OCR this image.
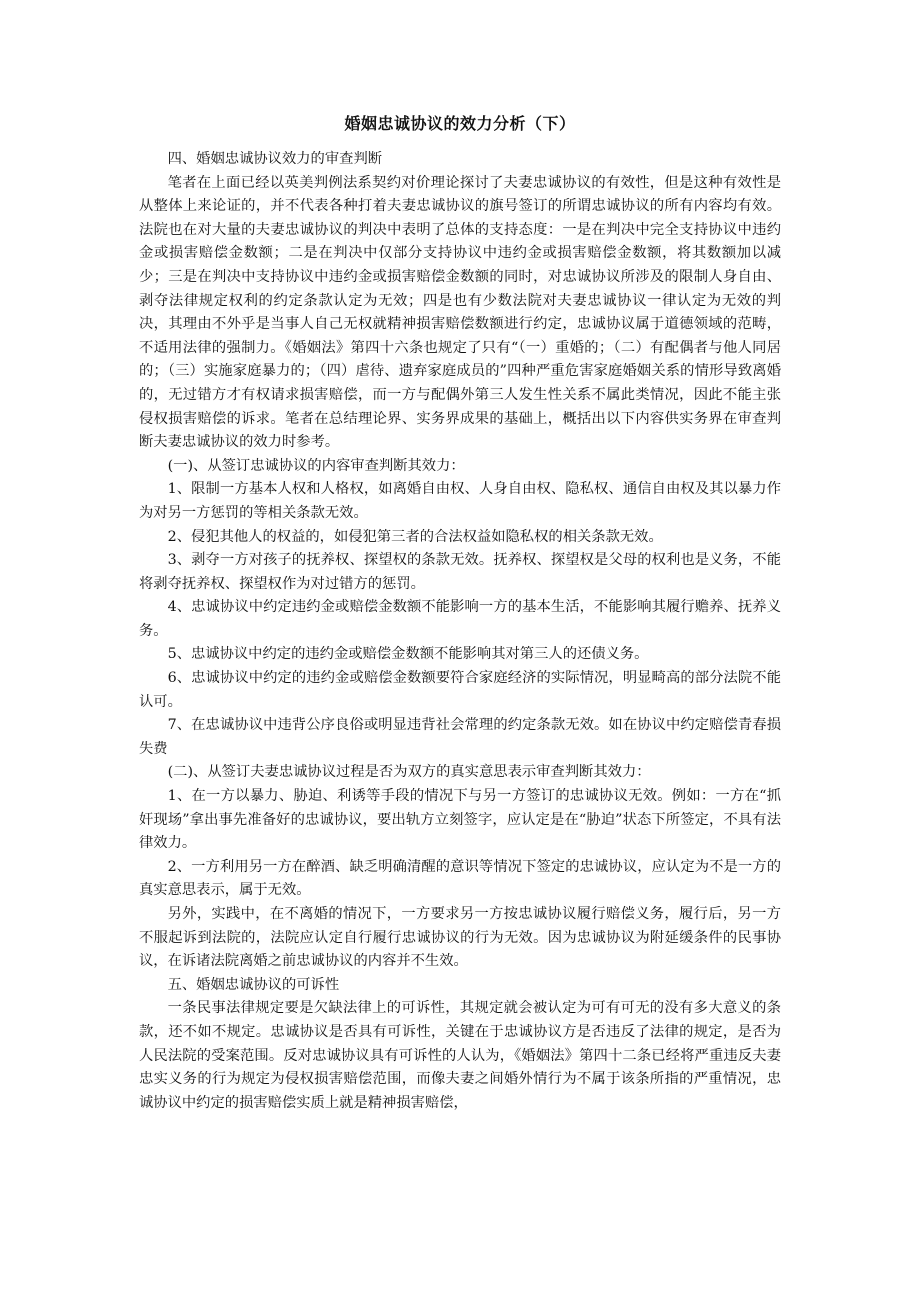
婚姻忠诚协议的效力分析（下）

四、婚姻忠诚协议效力的审查判断

笔者在上面已经以英美判例法系契约对价理论探讨了夫妻忠诚协议的有效性，但是这种有效性是从整体上来论证的，并不代表各种打着夫妻忠诚协议的旗号签订的所谓忠诚协议的所有内容均有效。法院也在对大量的夫妻忠诚协议的判决中表明了总体的支持态度：一是在判决中完全支持协议中违约金或损害赔偿金数额；二是在判决中仅部分支持协议中违约金或损害赔偿金数额，将其数额加以减少；三是在判决中支持协议中违约金或损害赔偿金数额的同时，对忠诚协议所涉及的限制人身自由、剥夺法律规定权利的约定条款认定为无效；四是也有少数法院对夫妻忠诚协议一律认定为无效的判决，其理由不外乎是当事人自己无权就精神损害赔偿数额进行约定，忠诚协议属于道德领域的范畴，不适用法律的强制力。《婚姻法》第四十六条也规定了只有“（一）重婚的；（二）有配偶者与他人同居的；（三）实施家庭暴力的；（四）虐待、遗弃家庭成员的”四种严重危害家庭婚姻关系的情形导致离婚的，无过错方才有权请求损害赔偿，而一方与配偶外第三人发生性关系不属此类情况，因此不能主张侵权损害赔偿的诉求。笔者在总结理论界、实务界成果的基础上，概括出以下内容供实务界在审查判断夫妻忠诚协议的效力时参考。

(一)、从签订忠诚协议的内容审查判断其效力：

1、限制一方基本人权和人格权，如离婚自由权、人身自由权、隐私权、通信自由权及其以暴力作为对另一方惩罚的等相关条款无效。

2、侵犯其他人的权益的，如侵犯第三者的合法权益如隐私权的相关条款无效。

3、剥夺一方对孩子的抚养权、探望权的条款无效。抚养权、探望权是父母的权利也是义务，不能将剥夺抚养权、探望权作为对过错方的惩罚。

4、忠诚协议中约定违约金或赔偿金数额不能影响一方的基本生活，不能影响其履行赡养、抚养义务。

5、忠诚协议中约定的违约金或赔偿金数额不能影响其对第三人的还债义务。

6、忠诚协议中约定的违约金或赔偿金数额要符合家庭经济的实际情况，明显畸高的部分法院不能认可。

7、在忠诚协议中违背公序良俗或明显违背社会常理的约定条款无效。如在协议中约定赔偿青春损失费

(二)、从签订夫妻忠诚协议过程是否为双方的真实意思表示审查判断其效力：

1、在一方以暴力、胁迫、利诱等手段的情况下与另一方签订的忠诚协议无效。例如：一方在“抓奸现场”拿出事先准备好的忠诚协议，要出轨方立刻签字，应认定是在“胁迫”状态下所签定，不具有法律效力。

2、一方利用另一方在醉酒、缺乏明确清醒的意识等情况下签定的忠诚协议，应认定为不是一方的真实意思表示，属于无效。

另外，实践中，在不离婚的情况下，一方要求另一方按忠诚协议履行赔偿义务，履行后，另一方不服起诉到法院的，法院应认定自行履行忠诚协议的行为无效。因为忠诚协议为附延缓条件的民事协议，在诉诸法院离婚之前忠诚协议的内容并不生效。

五、婚姻忠诚协议的可诉性

一条民事法律规定要是欠缺法律上的可诉性，其规定就会被认定为可有可无的没有多大意义的条款，还不如不规定。忠诚协议是否具有可诉性，关键在于忠诚协议方是否违反了法律的规定，是否为人民法院的受案范围。反对忠诚协议具有可诉性的人认为，《婚姻法》第四十二条已经将严重违反夫妻忠实义务的行为规定为侵权损害赔偿范围，而像夫妻之间婚外情行为不属于该条所指的严重情况，忠诚协议中约定的损害赔偿实质上就是精神损害赔偿，
